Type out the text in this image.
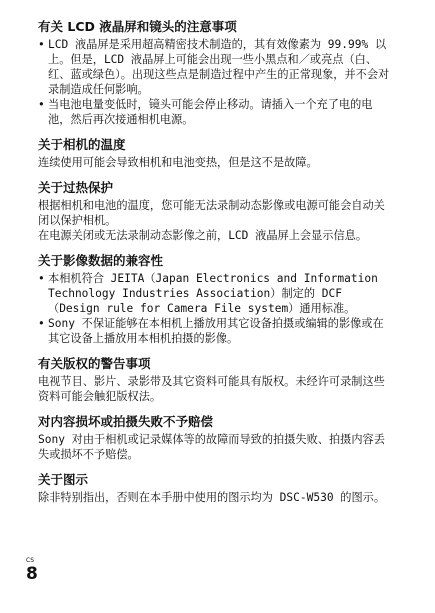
有关 LCD 液晶屏和镜头的注意事项
• LCD 液晶屏是采用超高精密技术制造的，其有效像素为 99.99% 以上。但是，LCD 液晶屏上可能会出现一些小黑点和／或亮点（白、红、蓝或绿色）。出现这些点是制造过程中产生的正常现象，并不会对录制造成任何影响。
• 当电池电量变低时，镜头可能会停止移动。请插入一个充了电的电池，然后再次接通相机电源。
关于相机的温度

连续使用可能会导致相机和电池变热，但是这不是故障。

关于过热保护

根据相机和电池的温度，您可能无法录制动态影像或电源可能会自动关闭以保护相机。

在电源关闭或无法录制动态影像之前，LCD 液晶屏上会显示信息。

关于影像数据的兼容性
• 本相机符合 JEITA（Japan Electronics and Information Technology Industries Association）制定的 DCF（Design rule for Camera File system）通用标准。
• Sony 不保证能够在本相机上播放用其它设备拍摄或编辑的影像或在其它设备上播放用本相机拍摄的影像。
有关版权的警告事项

电视节目、影片、录影带及其它资料可能具有版权。未经许可录制这些资料可能会触犯版权法。

对内容损坏或拍摄失败不予赔偿

Sony 对由于相机或记录媒体等的故障而导致的拍摄失败、拍摄内容丢失或损坏不予赔偿。

关于图示

除非特别指出，否则在本手册中使用的图示均为 DSC-W530 的图示。

CS
8
